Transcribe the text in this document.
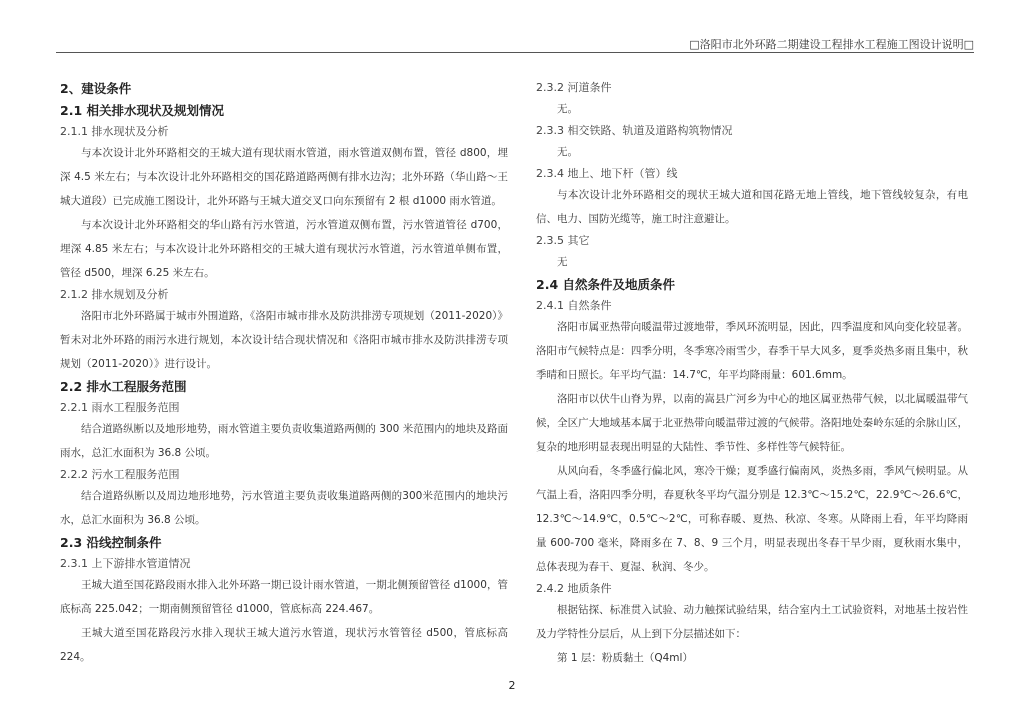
□洛阳市北外环路二期建设工程排水工程施工图设计说明□
2、建设条件
2.1 相关排水现状及规划情况
2.1.1 排水现状及分析
与本次设计北外环路相交的王城大道有现状雨水管道，雨水管道双侧布置，管径 d800，埋深 4.5 米左右；与本次设计北外环路相交的国花路道路两侧有排水边沟；北外环路（华山路～王城大道段）已完成施工图设计，北外环路与王城大道交叉口向东预留有 2 根 d1000 雨水管道。
与本次设计北外环路相交的华山路有污水管道，污水管道双侧布置，污水管道管径 d700，埋深 4.85 米左右；与本次设计北外环路相交的王城大道有现状污水管道，污水管道单侧布置，管径 d500，埋深 6.25 米左右。
2.1.2 排水规划及分析
洛阳市北外环路属于城市外围道路，《洛阳市城市排水及防洪排涝专项规划（2011-2020）》暂未对北外环路的雨污水进行规划，本次设计结合现状情况和《洛阳市城市排水及防洪排涝专项规划（2011-2020）》进行设计。
2.2 排水工程服务范围
2.2.1 雨水工程服务范围
结合道路纵断以及地形地势，雨水管道主要负责收集道路两侧的 300 米范围内的地块及路面雨水，总汇水面积为 36.8 公顷。
2.2.2 污水工程服务范围
结合道路纵断以及周边地形地势，污水管道主要负责收集道路两侧的300米范围内的地块污水，总汇水面积为 36.8 公顷。
2.3 沿线控制条件
2.3.1 上下游排水管道情况
王城大道至国花路段雨水排入北外环路一期已设计雨水管道，一期北侧预留管径 d1000，管底标高 225.042；一期南侧预留管径 d1000，管底标高 224.467。
王城大道至国花路段污水排入现状王城大道污水管道，现状污水管管径 d500，管底标高 224。
2.3.2 河道条件
无。
2.3.3 相交铁路、轨道及道路构筑物情况
无。
2.3.4 地上、地下杆（管）线
与本次设计北外环路相交的现状王城大道和国花路无地上管线，地下管线较复杂，有电信、电力、国防光缆等，施工时注意避让。
2.3.5 其它
无
2.4 自然条件及地质条件
2.4.1 自然条件
洛阳市属亚热带向暖温带过渡地带，季风环流明显，因此，四季温度和风向变化较显著。洛阳市气候特点是：四季分明，冬季寒冷雨雪少，春季干旱大风多，夏季炎热多雨且集中，秋季晴和日照长。年平均气温：14.7℃，年平均降雨量：601.6mm。
洛阳市以伏牛山脊为界，以南的嵩县广河乡为中心的地区属亚热带气候，以北属暖温带气候，全区广大地域基本属于北亚热带向暖温带过渡的气候带。洛阳地处秦岭东延的余脉山区，复杂的地形明显表现出明显的大陆性、季节性、多样性等气候特征。
从风向看，冬季盛行偏北风，寒冷干燥；夏季盛行偏南风，炎热多雨，季风气候明显。从气温上看，洛阳四季分明，春夏秋冬平均气温分别是 12.3℃～15.2℃，22.9℃～26.6℃，12.3℃～14.9℃，0.5℃～2℃，可称春暖、夏热、秋凉、冬寒。从降雨上看，年平均降雨量 600-700 毫米，降雨多在 7、8、9 三个月，明显表现出冬春干旱少雨，夏秋雨水集中，总体表现为春干、夏湿、秋润、冬少。
2.4.2 地质条件
根据钻探、标准贯入试验、动力触探试验结果，结合室内土工试验资料，对地基土按岩性及力学特性分层后，从上到下分层描述如下：
第 1 层：粉质黏土（Q4ml）
2
